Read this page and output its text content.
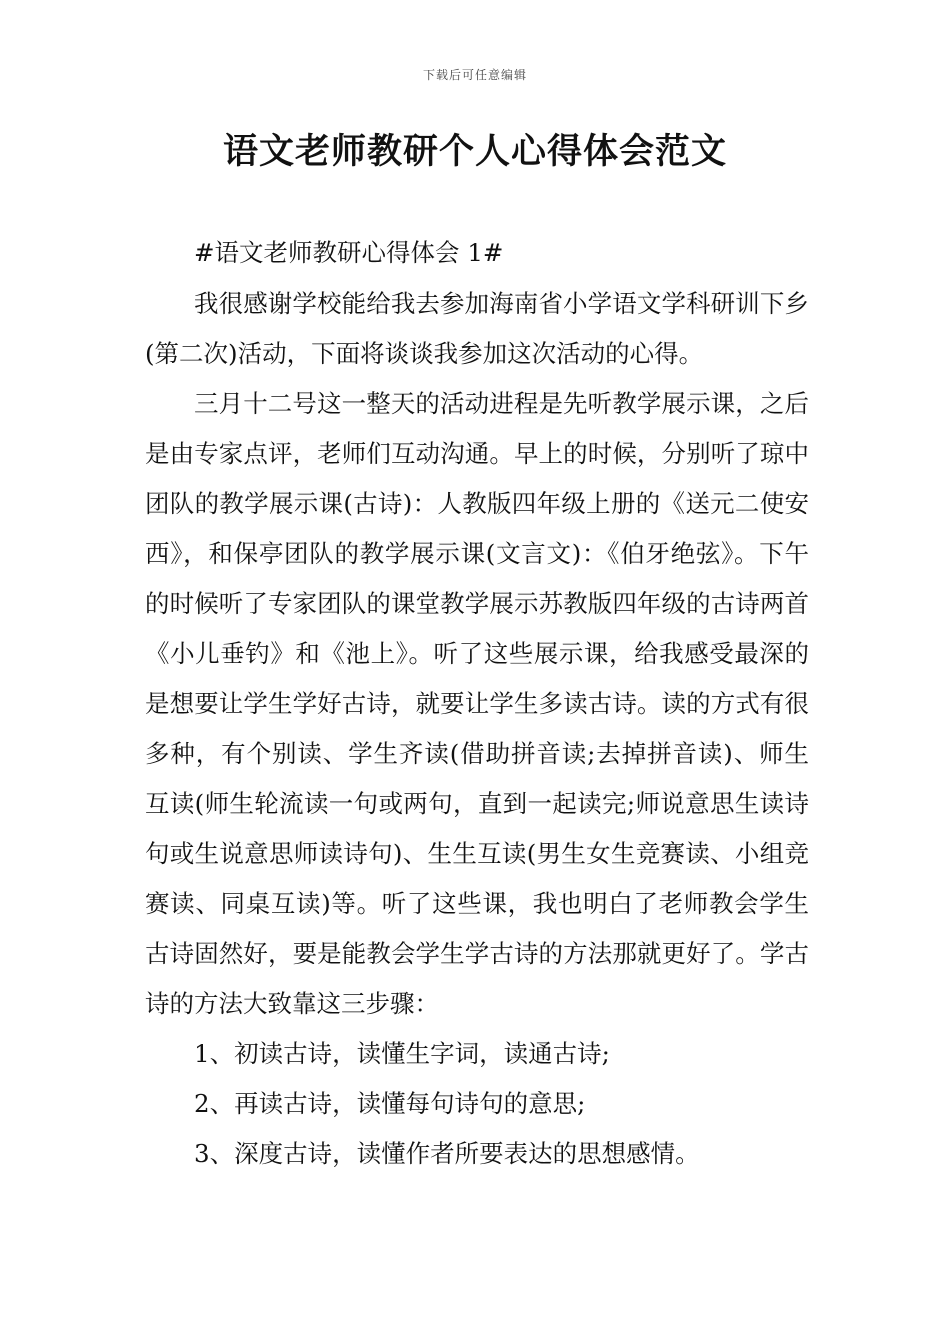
下载后可任意编辑
语文老师教研个人心得体会范文

#语文老师教研心得体会 1#

我很感谢学校能给我去参加海南省小学语文学科研训下乡(第二次)活动，下面将谈谈我参加这次活动的心得。

三月十二号这一整天的活动进程是先听教学展示课，之后是由专家点评，老师们互动沟通。早上的时候，分别听了琼中团队的教学展示课(古诗)：人教版四年级上册的《送元二使安西》，和保亭团队的教学展示课(文言文)：《伯牙绝弦》。下午的时候听了专家团队的课堂教学展示苏教版四年级的古诗两首《小儿垂钓》和《池上》。听了这些展示课，给我感受最深的是想要让学生学好古诗，就要让学生多读古诗。读的方式有很多种，有个别读、学生齐读(借助拼音读;去掉拼音读)、师生互读(师生轮流读一句或两句，直到一起读完;师说意思生读诗句或生说意思师读诗句)、生生互读(男生女生竞赛读、小组竞赛读、同桌互读)等。听了这些课，我也明白了老师教会学生古诗固然好，要是能教会学生学古诗的方法那就更好了。学古诗的方法大致靠这三步骤：

1、初读古诗，读懂生字词，读通古诗;

2、再读古诗，读懂每句诗句的意思;

3、深度古诗，读懂作者所要表达的思想感情。
